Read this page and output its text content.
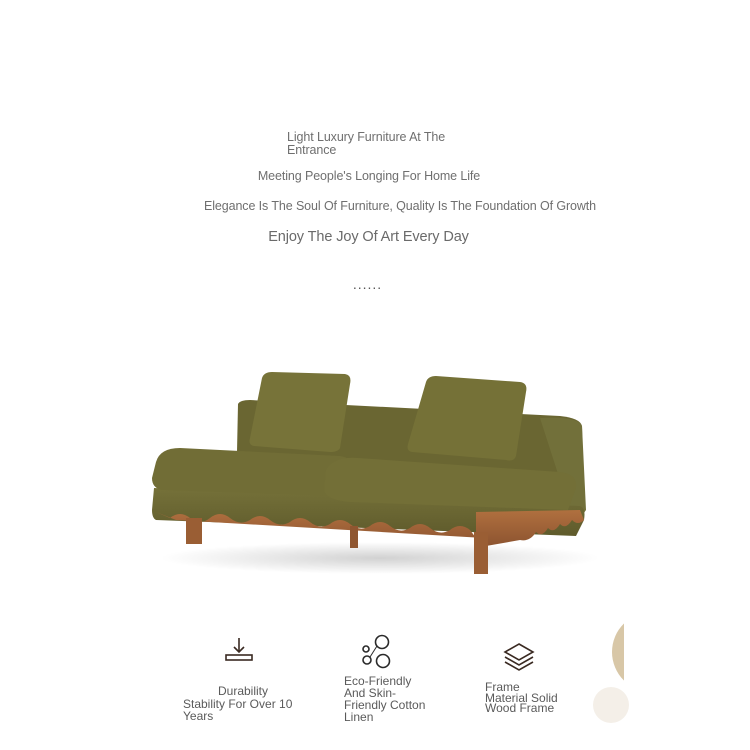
Light Luxury Furniture At The Entrance
Meeting People's Longing For Home Life
Elegance Is The Soul Of Furniture, Quality Is The Foundation Of Growth
Enjoy The Joy Of Art Every Day
......
Durability
Stability For Over 10 Years
Eco-Friendly And Skin-Friendly Cotton Linen
Frame Material Solid Wood Frame
